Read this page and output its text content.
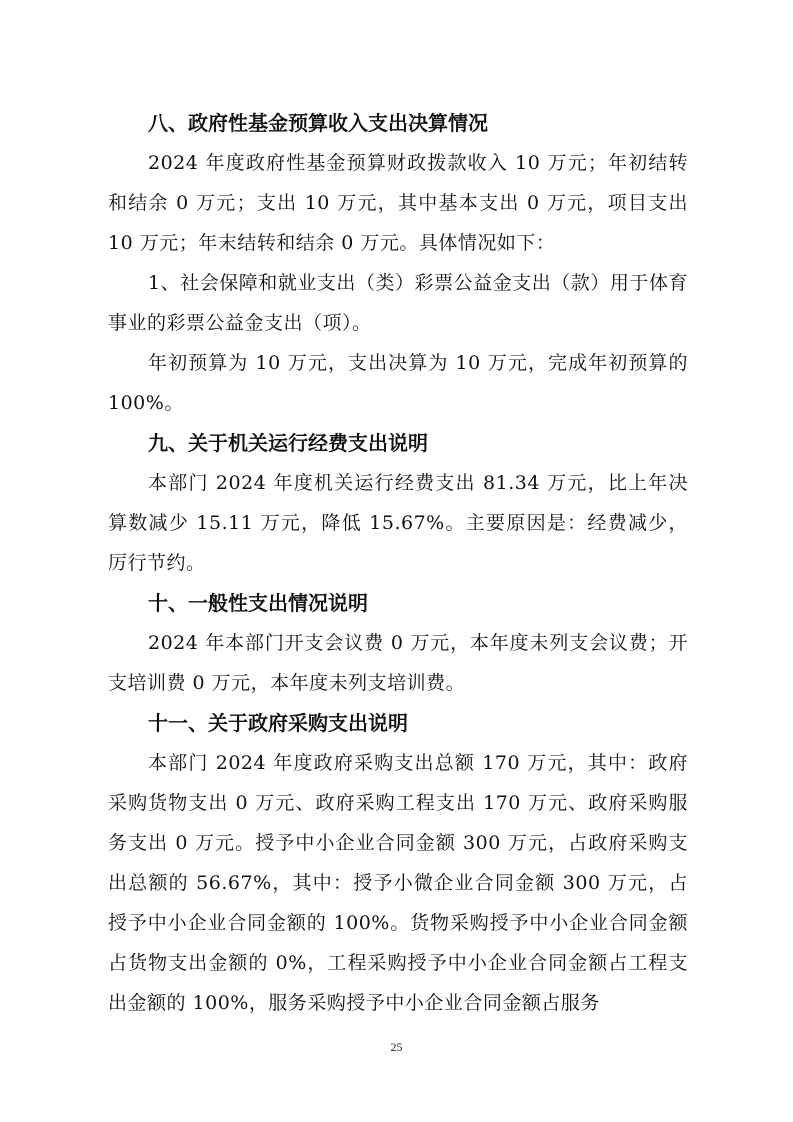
八、政府性基金预算收入支出决算情况

2024 年度政府性基金预算财政拨款收入 10 万元；年初结转和结余 0 万元；支出 10 万元，其中基本支出 0 万元，项目支出 10 万元；年末结转和结余 0 万元。具体情况如下：

1、社会保障和就业支出（类）彩票公益金支出（款）用于体育事业的彩票公益金支出（项）。

年初预算为 10 万元，支出决算为 10 万元，完成年初预算的 100%。

九、关于机关运行经费支出说明

本部门 2024 年度机关运行经费支出 81.34 万元，比上年决算数减少 15.11 万元，降低 15.67%。主要原因是：经费减少，厉行节约。

十、一般性支出情况说明

2024 年本部门开支会议费 0 万元，本年度未列支会议费；开支培训费 0 万元，本年度未列支培训费。

十一、关于政府采购支出说明

本部门 2024 年度政府采购支出总额 170 万元，其中：政府采购货物支出 0 万元、政府采购工程支出 170 万元、政府采购服务支出 0 万元。授予中小企业合同金额 300 万元，占政府采购支出总额的 56.67%，其中：授予小微企业合同金额 300 万元，占授予中小企业合同金额的 100%。货物采购授予中小企业合同金额占货物支出金额的 0%，工程采购授予中小企业合同金额占工程支出金额的 100%，服务采购授予中小企业合同金额占服务

25
